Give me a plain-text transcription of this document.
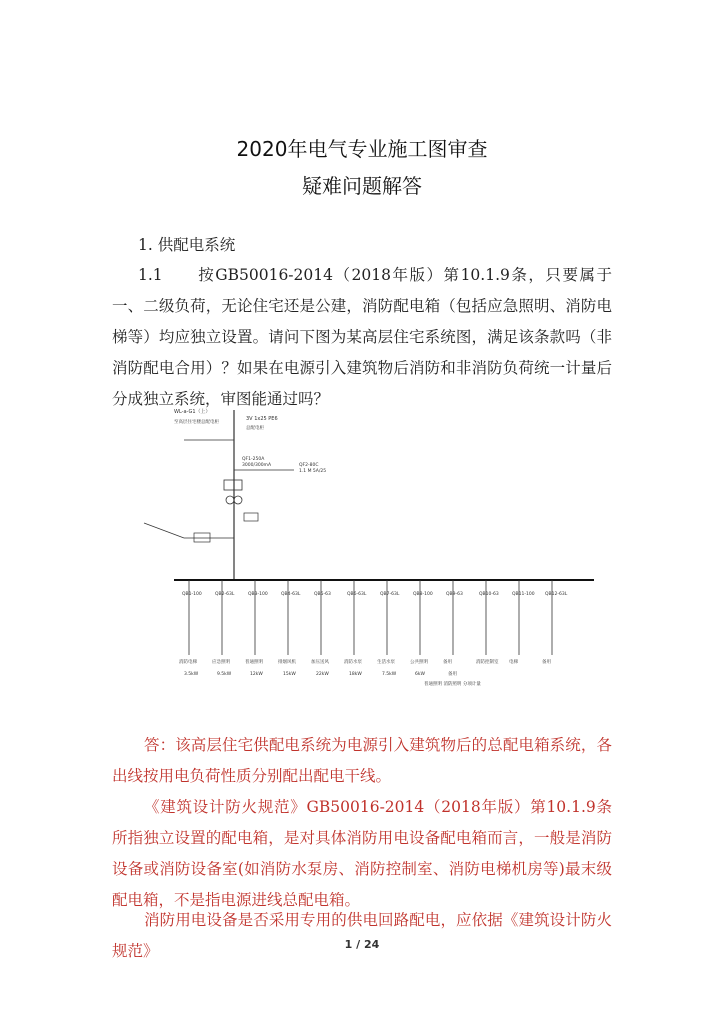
2020年电气专业施工图审查
疑难问题解答
1. 供配电系统
1.1　　按GB50016-2014（2018年版）第10.1.9条，只要属于一、二级负荷，无论住宅还是公建，消防配电箱（包括应急照明、消防电梯等）均应独立设置。请问下图为某高层住宅系统图，满足该条款吗（非消防配电合用）？如果在电源引入建筑物后消防和非消防负荷统一计量后分成独立系统，审图能通过吗？
WL-a-G1（上）
3V 1x25 PE6
至高层住宅楼总配电柜
总配电柜
QF1-250A
3000/300mA
1.1 M 5A/25
QF2-80C
QB1-100	QB2-63L	QB3-100	QB4-63L	QB5-63	QB6-63L	QB7-63L	QB8-100	QB9-63	QB10-63	QB11-100 QB12-63L
消防电梯	应急照明	普通照明	排烟风机	加压送风	消防水泵	生活水泵	公共照明	备用	消防控制室 电梯	备用
3.5kW	9.5kW	12kW	15kW	22kW	18kW	7.5kW	6kW	备用
普通照明 消防照明 分项计量
答：该高层住宅供配电系统为电源引入建筑物后的总配电箱系统，各出线按用电负荷性质分别配出配电干线。
《建筑设计防火规范》GB50016-2014（2018年版）第10.1.9条所指独立设置的配电箱，是对具体消防用电设备配电箱而言，一般是消防设备或消防设备室(如消防水泵房、消防控制室、消防电梯机房等)最末级配电箱，不是指电源进线总配电箱。
消防用电设备是否采用专用的供电回路配电，应依据《建筑设计防火规范》	1 / 24
